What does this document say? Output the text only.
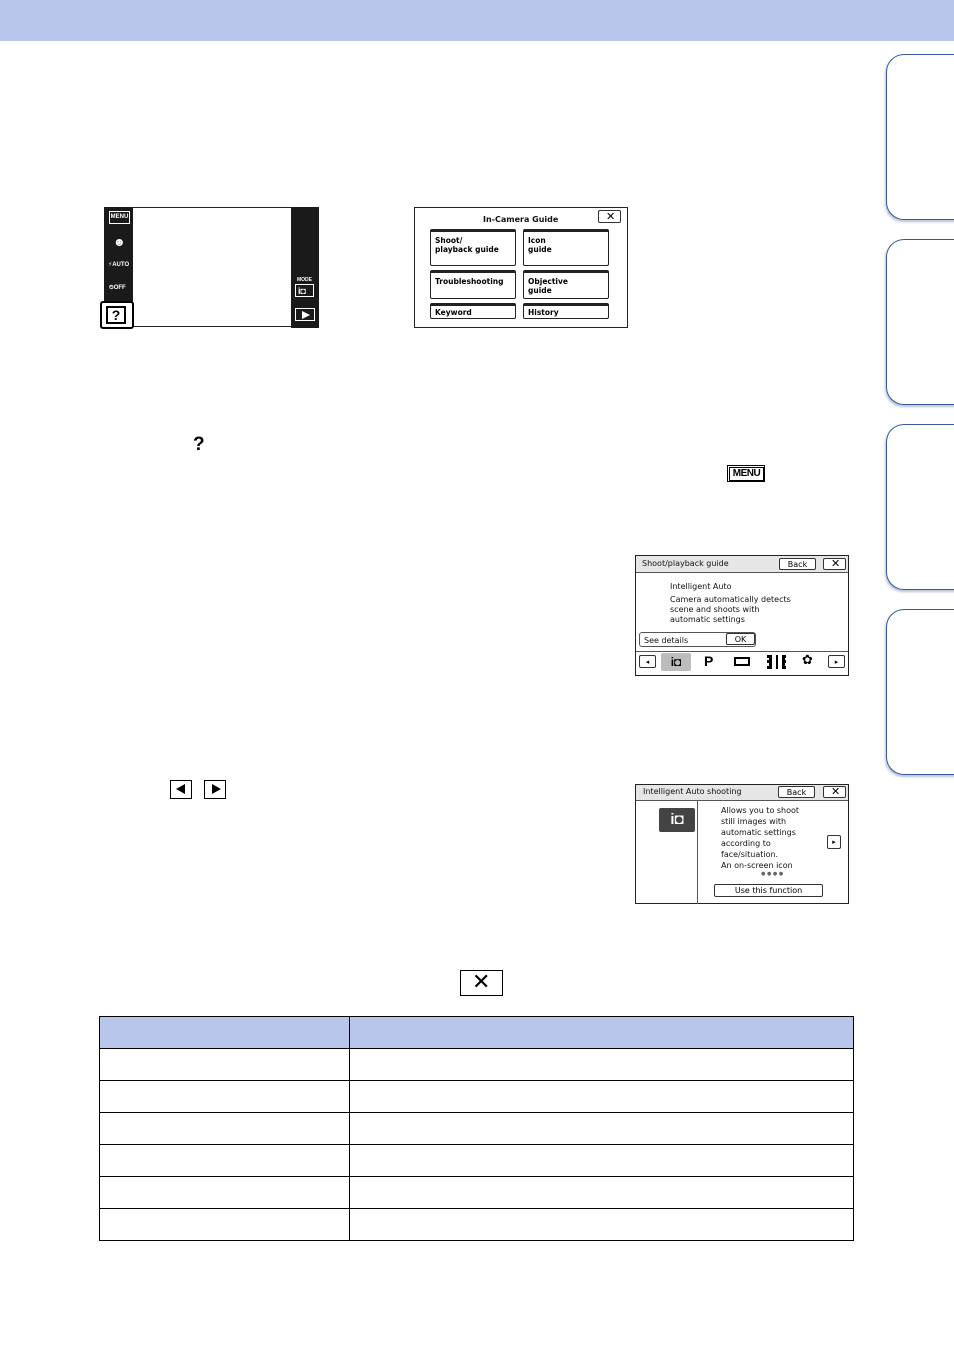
MENU
☻
⚡AUTO
⏲OFF
?
MODE
i◘
In-Camera Guide	✕
Shoot/
playback guide
Icon
guide
Troubleshooting	Objective
guide
Keyword	History
?
MENU
Shoot/playback guide	Back	✕
Intelligent Auto
Camera automatically detects
scene and shoots with
automatic settings
See details	OK
◂	i◘	P	✿	▸
Intelligent Auto shooting	Back	✕
i◘
Allows you to shoot
still images with
automatic settings
according to
face/situation.
An on-screen icon
● ● ● ●
▸
Use this function
✕
